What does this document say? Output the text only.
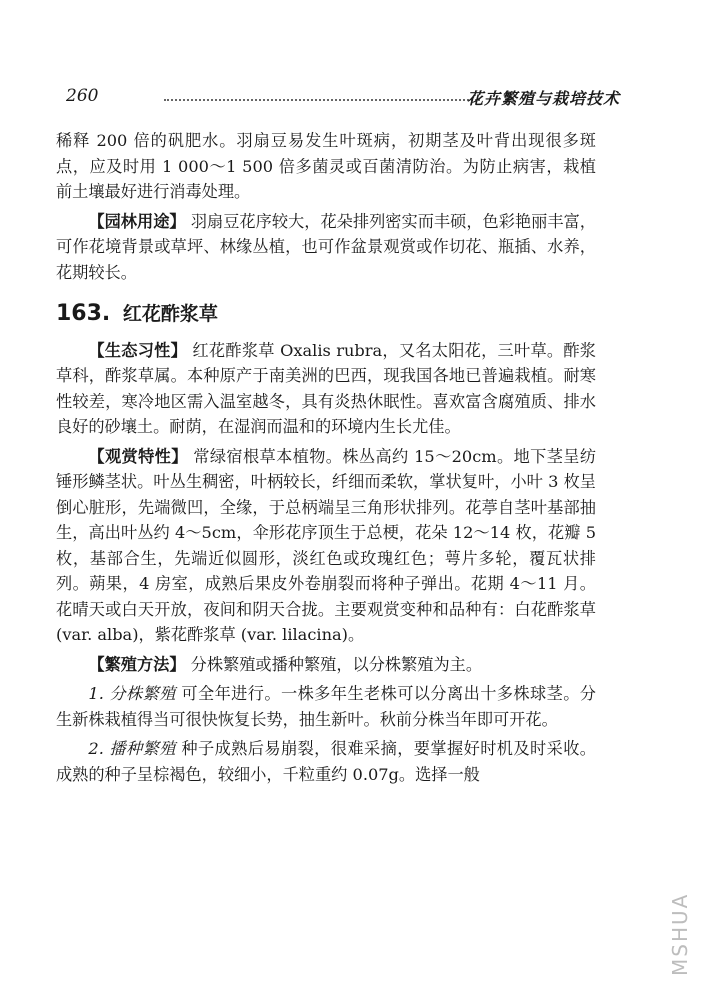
260	花卉繁殖与栽培技术

稀释 200 倍的矾肥水。羽扇豆易发生叶斑病，初期茎及叶背出现很多斑点，应及时用 1 000～1 500 倍多菌灵或百菌清防治。为防止病害，栽植前土壤最好进行消毒处理。

【园林用途】 羽扇豆花序较大，花朵排列密实而丰硕，色彩艳丽丰富，可作花境背景或草坪、林缘丛植，也可作盆景观赏或作切花、瓶插、水养，花期较长。

163. 红花酢浆草

【生态习性】 红花酢浆草 Oxalis rubra，又名太阳花，三叶草。酢浆草科，酢浆草属。本种原产于南美洲的巴西，现我国各地已普遍栽植。耐寒性较差，寒冷地区需入温室越冬，具有炎热休眠性。喜欢富含腐殖质、排水良好的砂壤土。耐荫，在湿润而温和的环境内生长尤佳。

【观赏特性】 常绿宿根草本植物。株丛高约 15～20cm。地下茎呈纺锤形鳞茎状。叶丛生稠密，叶柄较长，纤细而柔软，掌状复叶，小叶 3 枚呈倒心脏形，先端微凹，全缘，于总柄端呈三角形状排列。花葶自茎叶基部抽生，高出叶丛约 4～5cm，伞形花序顶生于总梗，花朵 12～14 枚，花瓣 5 枚，基部合生，先端近似圆形，淡红色或玫瑰红色；萼片多轮，覆瓦状排列。蒴果，4 房室，成熟后果皮外卷崩裂而将种子弹出。花期 4～11 月。花晴天或白天开放，夜间和阴天合拢。主要观赏变种和品种有：白花酢浆草 (var. alba)，紫花酢浆草 (var. lilacina)。

【繁殖方法】 分株繁殖或播种繁殖，以分株繁殖为主。

1. 分株繁殖 可全年进行。一株多年生老株可以分离出十多株球茎。分生新株栽植得当可很快恢复长势，抽生新叶。秋前分株当年即可开花。

2. 播种繁殖 种子成熟后易崩裂，很难采摘，要掌握好时机及时采收。成熟的种子呈棕褐色，较细小，千粒重约 0.07g。选择一般

MSHUA
